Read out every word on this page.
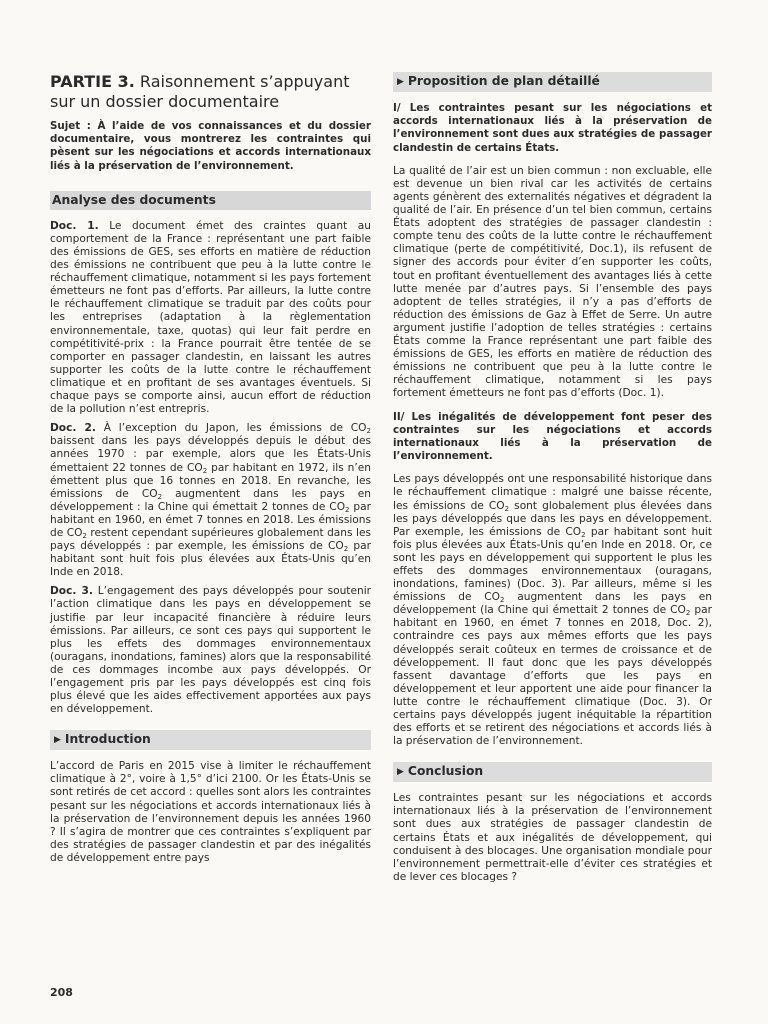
PARTIE 3. Raisonnement s’appuyant sur un dossier documentaire

Sujet : À l’aide de vos connaissances et du dossier documentaire, vous montrerez les contraintes qui pèsent sur les négociations et accords internationaux liés à la préservation de l’environnement.

Analyse des documents

Doc. 1. Le document émet des craintes quant au comportement de la France : représentant une part faible des émissions de GES, ses efforts en matière de réduction des émissions ne contribuent que peu à la lutte contre le réchauffement climatique, notamment si les pays fortement émetteurs ne font pas d’efforts. Par ailleurs, la lutte contre le réchauffement climatique se traduit par des coûts pour les entreprises (adaptation à la règlementation environnementale, taxe, quotas) qui leur fait perdre en compétitivité-prix : la France pourrait être tentée de se comporter en passager clandestin, en laissant les autres supporter les coûts de la lutte contre le réchauffement climatique et en profitant de ses avantages éventuels. Si chaque pays se comporte ainsi, aucun effort de réduction de la pollution n’est entrepris.

Doc. 2. À l’exception du Japon, les émissions de $CO_2$ baissent dans les pays développés depuis le début des années 1970 : par exemple, alors que les États-Unis émettaient 22 tonnes de $CO_2$ par habitant en 1972, ils n’en émettent plus que 16 tonnes en 2018. En revanche, les émissions de $CO_2$ augmentent dans les pays en développement : la Chine qui émettait 2 tonnes de $CO_2$ par habitant en 1960, en émet 7 tonnes en 2018. Les émissions de $CO_2$ restent cependant supérieures globalement dans les pays développés : par exemple, les émissions de $CO_2$ par habitant sont huit fois plus élevées aux États-Unis qu’en Inde en 2018.

Doc. 3. L’engagement des pays développés pour soutenir l’action climatique dans les pays en développement se justifie par leur incapacité financière à réduire leurs émissions. Par ailleurs, ce sont ces pays qui supportent le plus les effets des dommages environnementaux (ouragans, inondations, famines) alors que la responsabilité de ces dommages incombe aux pays développés. Or l’engagement pris par les pays développés est cinq fois plus élevé que les aides effectivement apportées aux pays en développement.

▶ Introduction

L’accord de Paris en 2015 vise à limiter le réchauffement climatique à 2°, voire à 1,5° d’ici 2100. Or les États-Unis se sont retirés de cet accord : quelles sont alors les contraintes pesant sur les négociations et accords internationaux liés à la préservation de l’environnement depuis les années 1960 ? Il s’agira de montrer que ces contraintes s’expliquent par des stratégies de passager clandestin et par des inégalités de développement entre pays

▶ Proposition de plan détaillé

I/ Les contraintes pesant sur les négociations et accords internationaux liés à la préservation de l’environnement sont dues aux stratégies de passager clandestin de certains États.

La qualité de l’air est un bien commun : non excluable, elle est devenue un bien rival car les activités de certains agents génèrent des externalités négatives et dégradent la qualité de l’air. En présence d’un tel bien commun, certains États adoptent des stratégies de passager clandestin : compte tenu des coûts de la lutte contre le réchauffement climatique (perte de compétitivité, Doc.1), ils refusent de signer des accords pour éviter d’en supporter les coûts, tout en profitant éventuellement des avantages liés à cette lutte menée par d’autres pays. Si l’ensemble des pays adoptent de telles stratégies, il n’y a pas d’efforts de réduction des émissions de Gaz à Effet de Serre. Un autre argument justifie l’adoption de telles stratégies : certains États comme la France représentant une part faible des émissions de GES, les efforts en matière de réduction des émissions ne contribuent que peu à la lutte contre le réchauffement climatique, notamment si les pays fortement émetteurs ne font pas d’efforts (Doc. 1).

II/ Les inégalités de développement font peser des contraintes sur les négociations et accords internationaux liés à la préservation de l’environnement.

Les pays développés ont une responsabilité historique dans le réchauffement climatique : malgré une baisse récente, les émissions de $CO_2$ sont globalement plus élevées dans les pays développés que dans les pays en développement. Par exemple, les émissions de $CO_2$ par habitant sont huit fois plus élevées aux États-Unis qu’en Inde en 2018. Or, ce sont les pays en développement qui supportent le plus les effets des dommages environnementaux (ouragans, inondations, famines) (Doc. 3). Par ailleurs, même si les émissions de $CO_2$ augmentent dans les pays en développement (la Chine qui émettait 2 tonnes de $CO_2$ par habitant en 1960, en émet 7 tonnes en 2018, Doc. 2), contraindre ces pays aux mêmes efforts que les pays développés serait coûteux en termes de croissance et de développement. Il faut donc que les pays développés fassent davantage d’efforts que les pays en développement et leur apportent une aide pour financer la lutte contre le réchauffement climatique (Doc. 3). Or certains pays développés jugent inéquitable la répartition des efforts et se retirent des négociations et accords liés à la préservation de l’environnement.

▶ Conclusion

Les contraintes pesant sur les négociations et accords internationaux liés à la préservation de l’environnement sont dues aux stratégies de passager clandestin de certains États et aux inégalités de développement, qui conduisent à des blocages. Une organisation mondiale pour l’environnement permettrait-elle d’éviter ces stratégies et de lever ces blocages ?

208
